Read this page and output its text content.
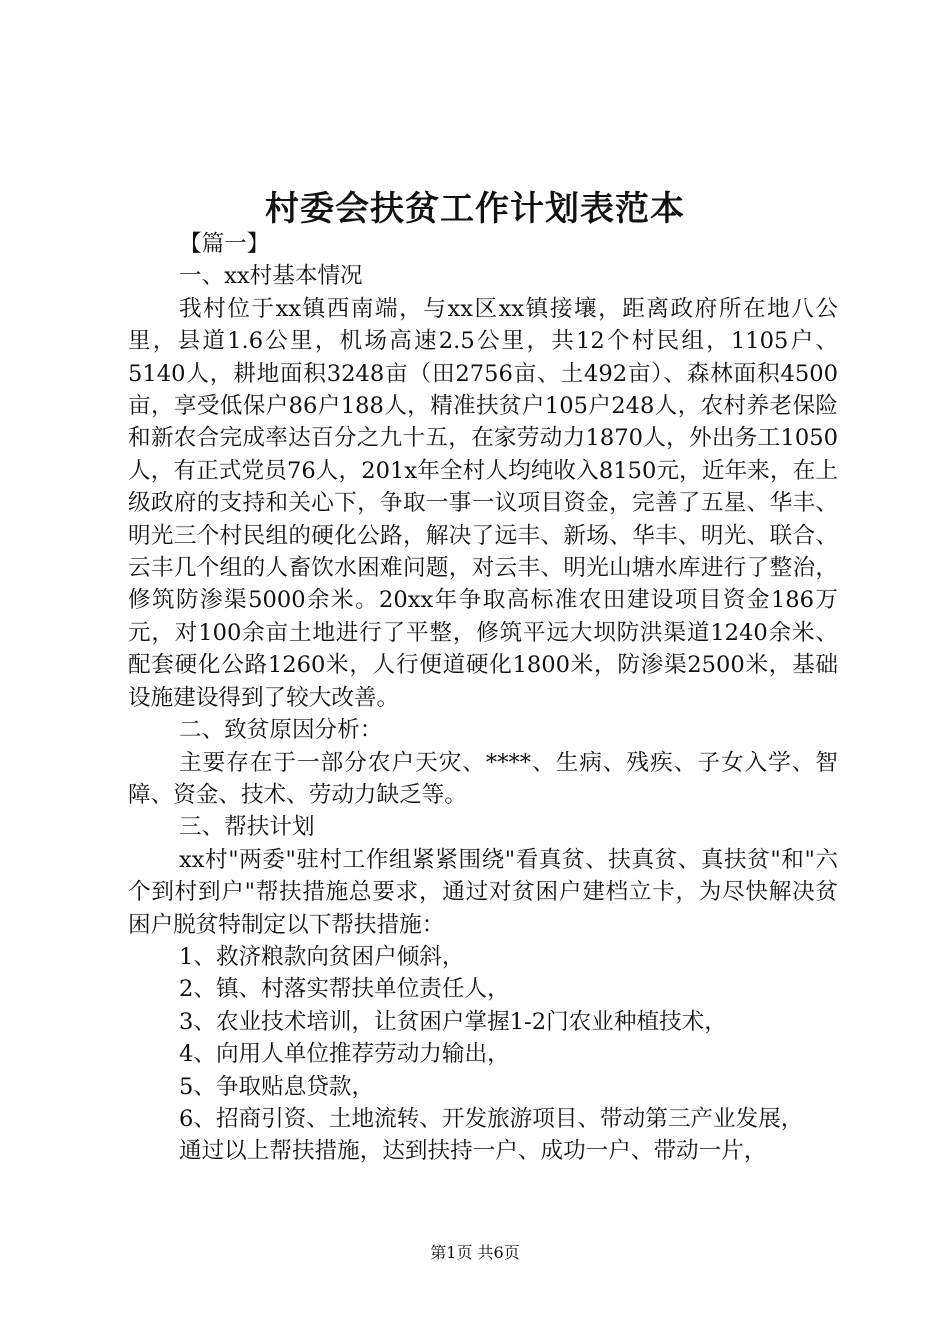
村委会扶贫工作计划表范本

【篇一】

一、xx村基本情况

我村位于xx镇西南端，与xx区xx镇接壤，距离政府所在地八公里，县道1.6公里，机场高速2.5公里，共12个村民组，1105户、5140人，耕地面积3248亩（田2756亩、土492亩）、森林面积4500亩，享受低保户86户188人，精准扶贫户105户248人，农村养老保险和新农合完成率达百分之九十五，在家劳动力1870人，外出务工1050人，有正式党员76人，201x年全村人均纯收入8150元，近年来，在上级政府的支持和关心下，争取一事一议项目资金，完善了五星、华丰、明光三个村民组的硬化公路，解决了远丰、新场、华丰、明光、联合、云丰几个组的人畜饮水困难问题，对云丰、明光山塘水库进行了整治，修筑防渗渠5000余米。20xx年争取高标准农田建设项目资金186万元，对100余亩土地进行了平整，修筑平远大坝防洪渠道1240余米、配套硬化公路1260米，人行便道硬化1800米，防渗渠2500米，基础设施建设得到了较大改善。

二、致贫原因分析：

主要存在于一部分农户天灾、****、生病、残疾、子女入学、智障、资金、技术、劳动力缺乏等。

三、帮扶计划

xx村"两委"驻村工作组紧紧围绕"看真贫、扶真贫、真扶贫"和"六个到村到户"帮扶措施总要求，通过对贫困户建档立卡，为尽快解决贫困户脱贫特制定以下帮扶措施：

1、救济粮款向贫困户倾斜，

2、镇、村落实帮扶单位责任人，

3、农业技术培训，让贫困户掌握1-2门农业种植技术，

4、向用人单位推荐劳动力输出，

5、争取贴息贷款，

6、招商引资、土地流转、开发旅游项目、带动第三产业发展，

通过以上帮扶措施，达到扶持一户、成功一户、带动一片，

第1页 共6页
